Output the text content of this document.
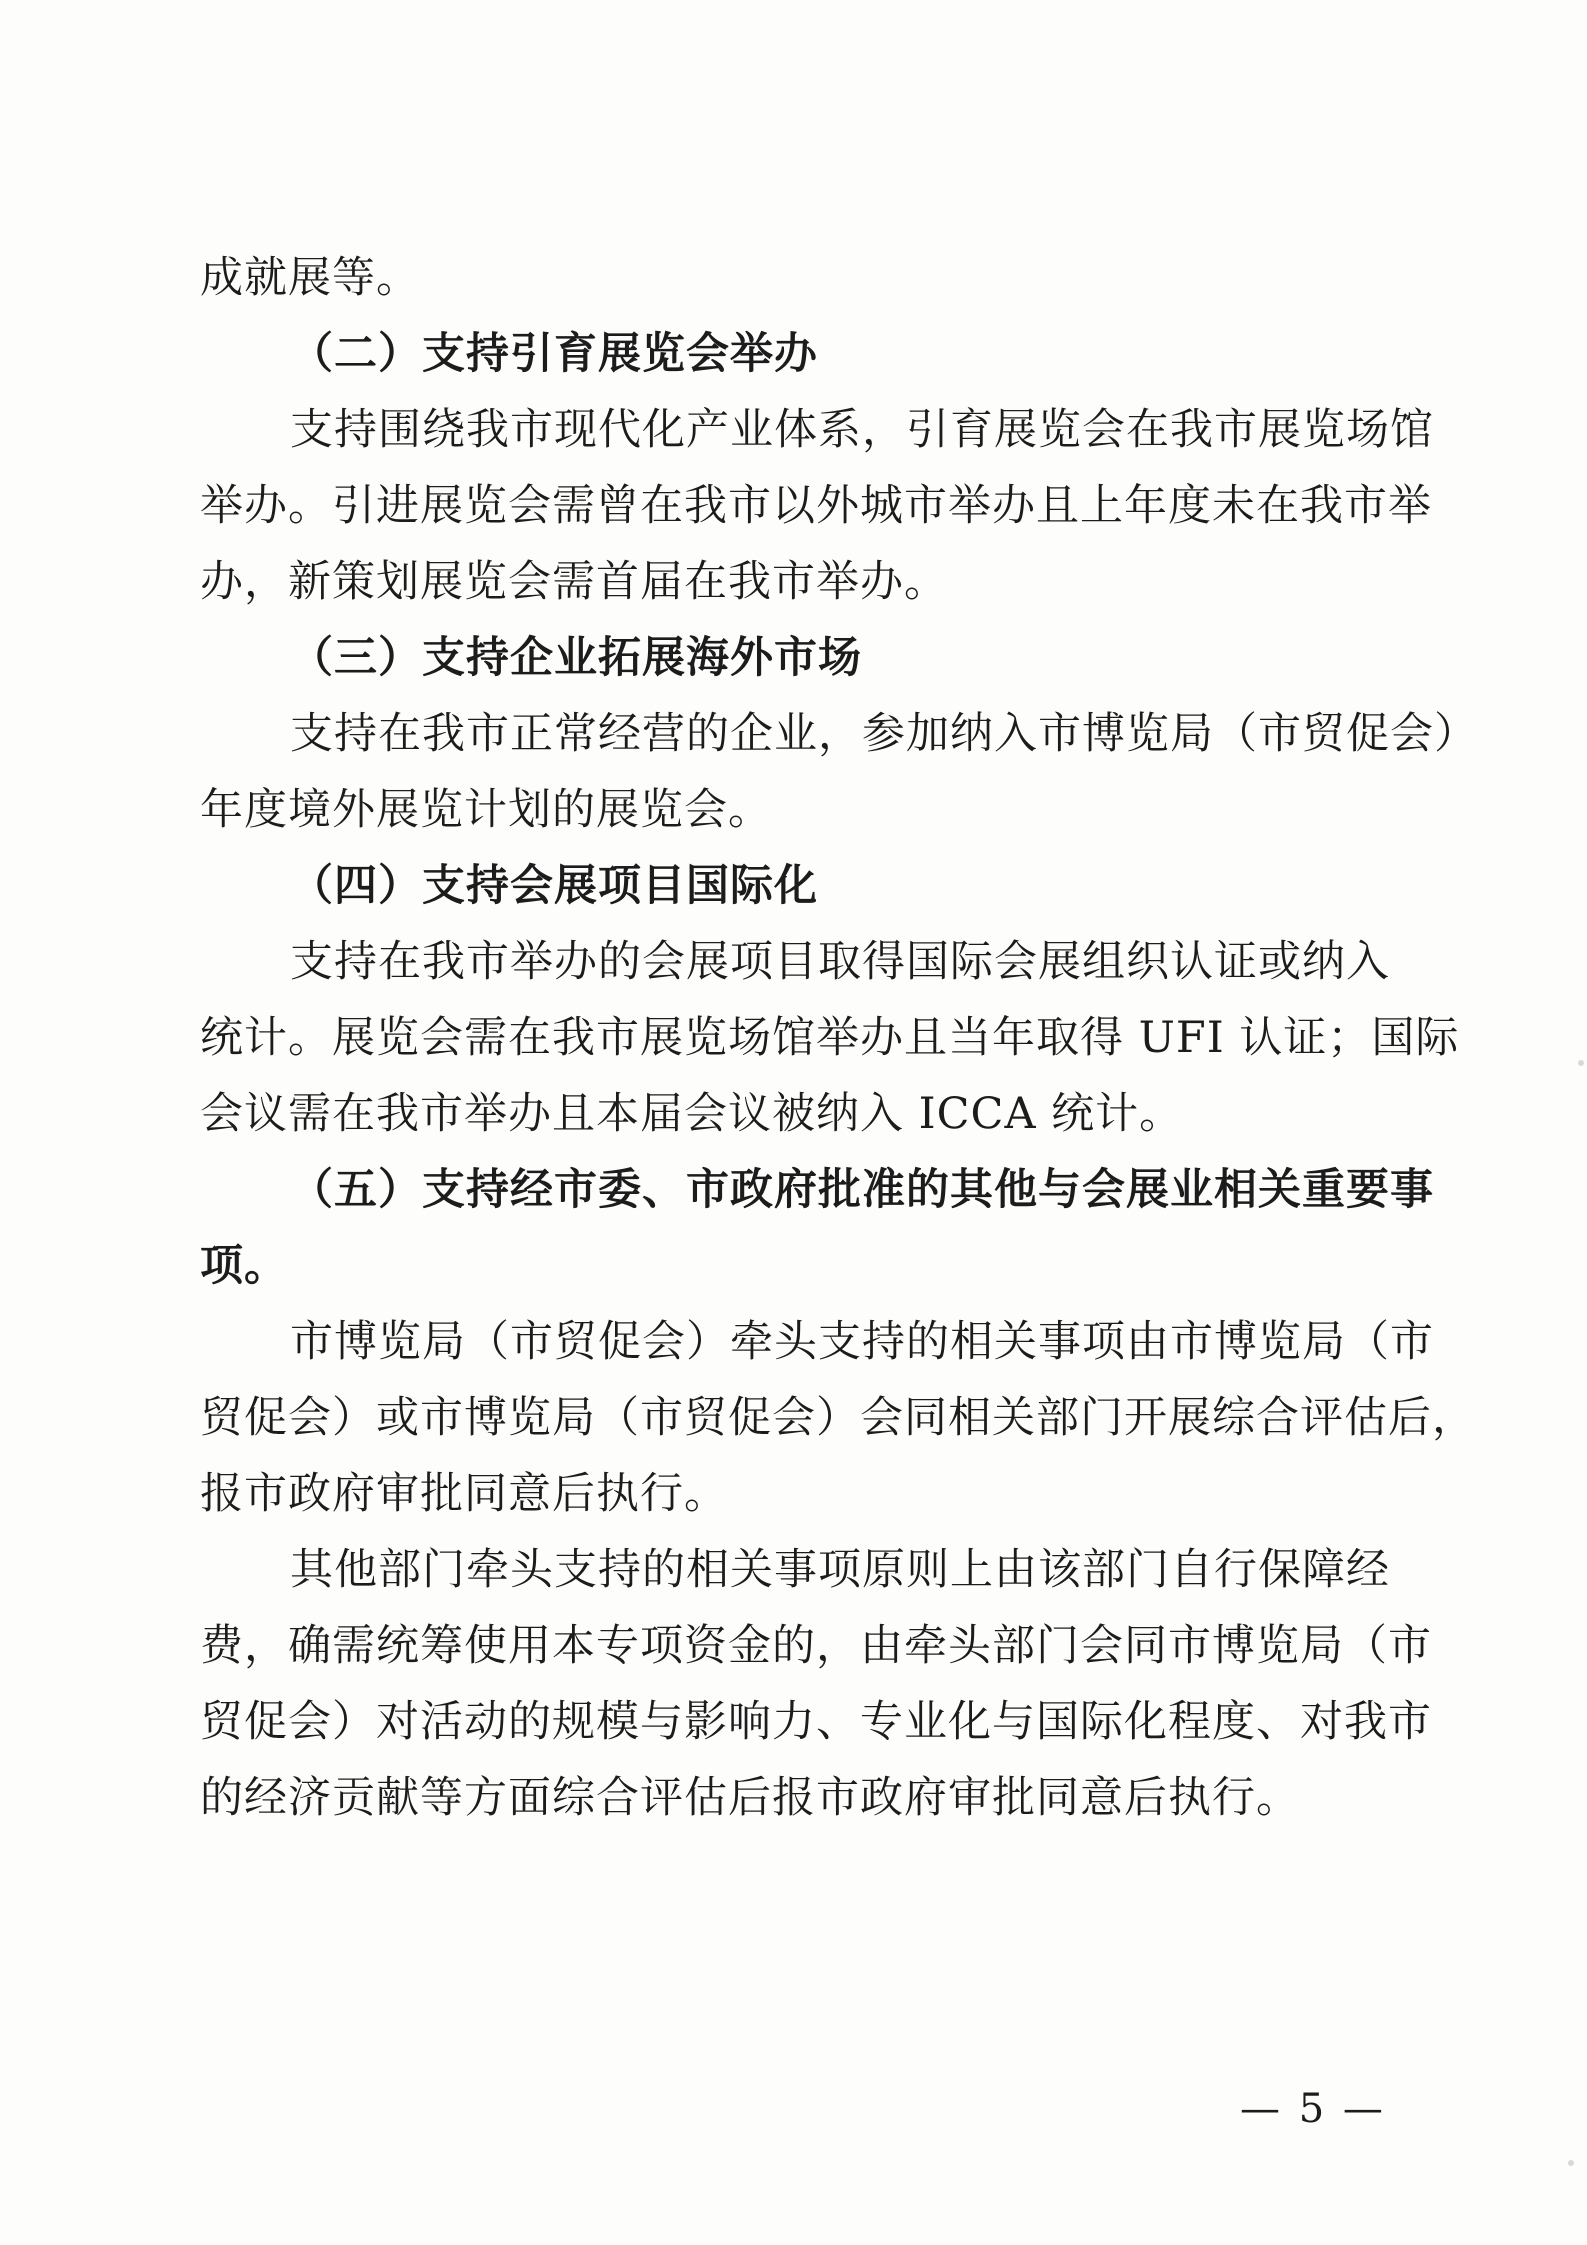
成就展等。
（二）支持引育展览会举办
支持围绕我市现代化产业体系，引育展览会在我市展览场馆
举办。引进展览会需曾在我市以外城市举办且上年度未在我市举
办，新策划展览会需首届在我市举办。
（三）支持企业拓展海外市场
支持在我市正常经营的企业，参加纳入市博览局（市贸促会）
年度境外展览计划的展览会。
（四）支持会展项目国际化
支持在我市举办的会展项目取得国际会展组织认证或纳入
统计。展览会需在我市展览场馆举办且当年取得 UFI 认证；国际
会议需在我市举办且本届会议被纳入 ICCA 统计。
（五）支持经市委、市政府批准的其他与会展业相关重要事
项。
市博览局（市贸促会）牵头支持的相关事项由市博览局（市
贸促会）或市博览局（市贸促会）会同相关部门开展综合评估后，
报市政府审批同意后执行。
其他部门牵头支持的相关事项原则上由该部门自行保障经
费，确需统筹使用本专项资金的，由牵头部门会同市博览局（市
贸促会）对活动的规模与影响力、专业化与国际化程度、对我市
的经济贡献等方面综合评估后报市政府审批同意后执行。
— 5 —
